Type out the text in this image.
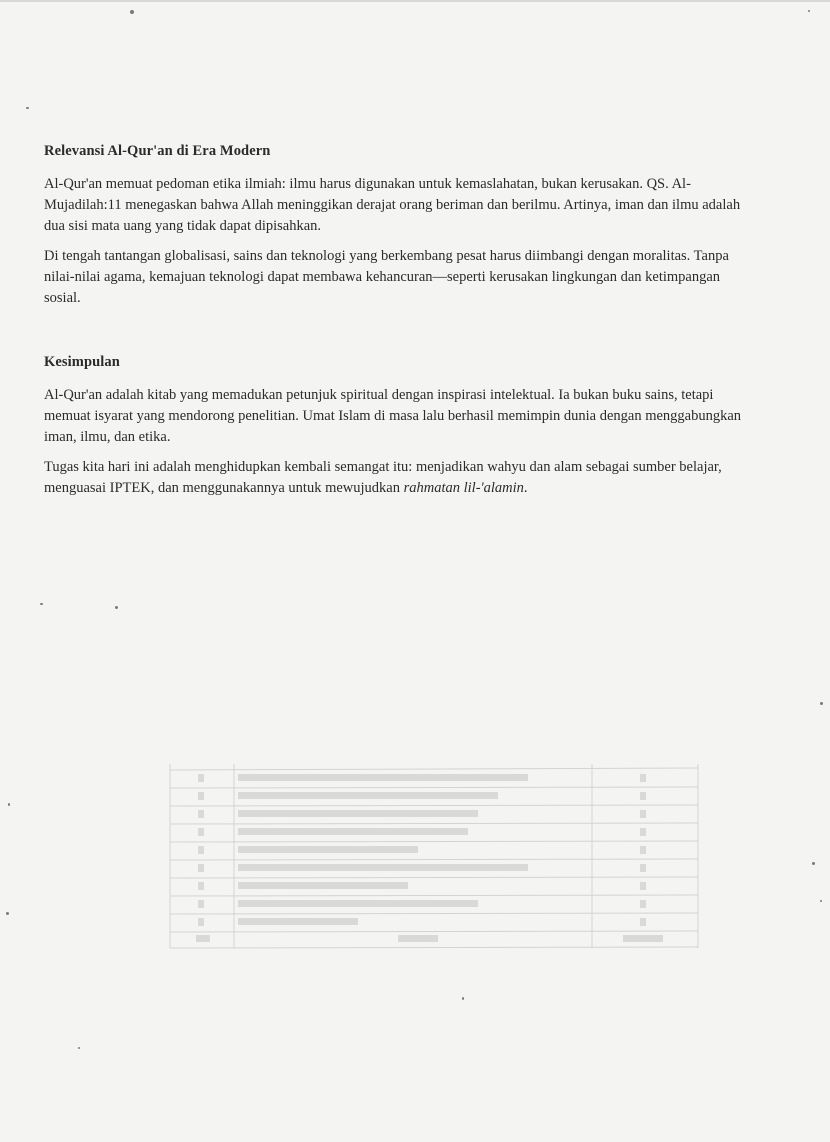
Relevansi Al-Qur'an di Era Modern

Al-Qur'an memuat pedoman etika ilmiah: ilmu harus digunakan untuk kemaslahatan, bukan kerusakan. QS. Al-Mujadilah:11 menegaskan bahwa Allah meninggikan derajat orang beriman dan berilmu. Artinya, iman dan ilmu adalah dua sisi mata uang yang tidak dapat dipisahkan.

Di tengah tantangan globalisasi, sains dan teknologi yang berkembang pesat harus diimbangi dengan moralitas. Tanpa nilai-nilai agama, kemajuan teknologi dapat membawa kehancuran—seperti kerusakan lingkungan dan ketimpangan sosial.

Kesimpulan

Al-Qur'an adalah kitab yang memadukan petunjuk spiritual dengan inspirasi intelektual. Ia bukan buku sains, tetapi memuat isyarat yang mendorong penelitian. Umat Islam di masa lalu berhasil memimpin dunia dengan menggabungkan iman, ilmu, dan etika.

Tugas kita hari ini adalah menghidupkan kembali semangat itu: menjadikan wahyu dan alam sebagai sumber belajar, menguasai IPTEK, dan menggunakannya untuk mewujudkan rahmatan lil-'alamin.
